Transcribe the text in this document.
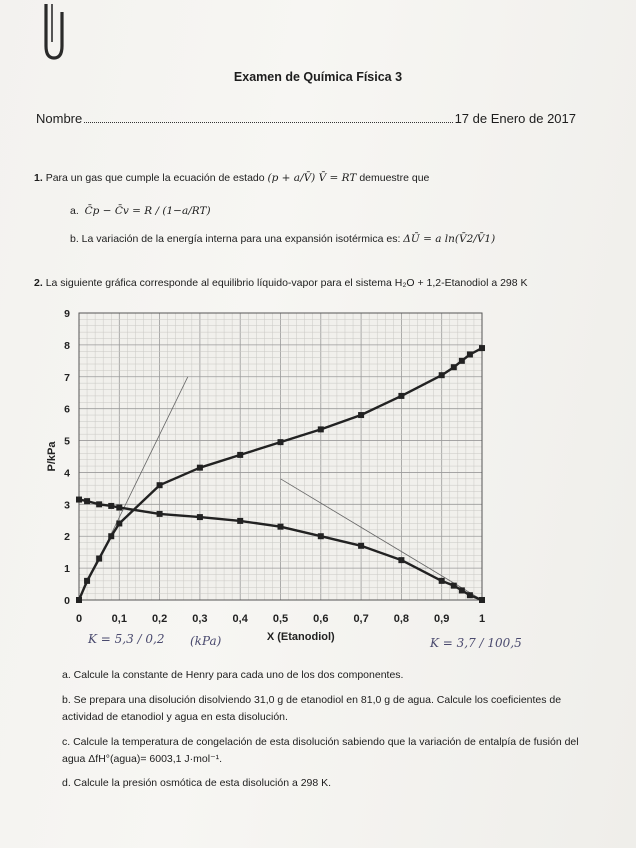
Examen de Química Física 3
Nombre	17 de Enero de 2017
1. Para un gas que cumple la ecuación de estado (p + a/V̄) V̄ = RT demuestre que
a. C̄p − C̄v = R / (1−a/RT)
b. La variación de la energía interna para una expansión isotérmica es: ΔŪ = a ln(V̄2/V̄1)
2. La siguiente gráfica corresponde al equilibrio líquido-vapor para el sistema H₂O + 1,2-Etanodiol a 298 K
0	0,1 0,2 0,3 0,4 0,5 0,6 0,7 0,8 0,9	1
0
1
2
3
4
5
6
7
8
9
X (Etanodiol)
P/kPa
K = 5,3 / 0,2 (kPa)	K = 3,7 / 100,5
a. Calcule la constante de Henry para cada uno de los dos componentes.
b. Se prepara una disolución disolviendo 31,0 g de etanodiol en 81,0 g de agua. Calcule los coeficientes de actividad de etanodiol y agua en esta disolución.
c. Calcule la temperatura de congelación de esta disolución sabiendo que la variación de entalpía de fusión del agua ΔfH°(agua)= 6003,1 J·mol⁻¹.
d. Calcule la presión osmótica de esta disolución a 298 K.
